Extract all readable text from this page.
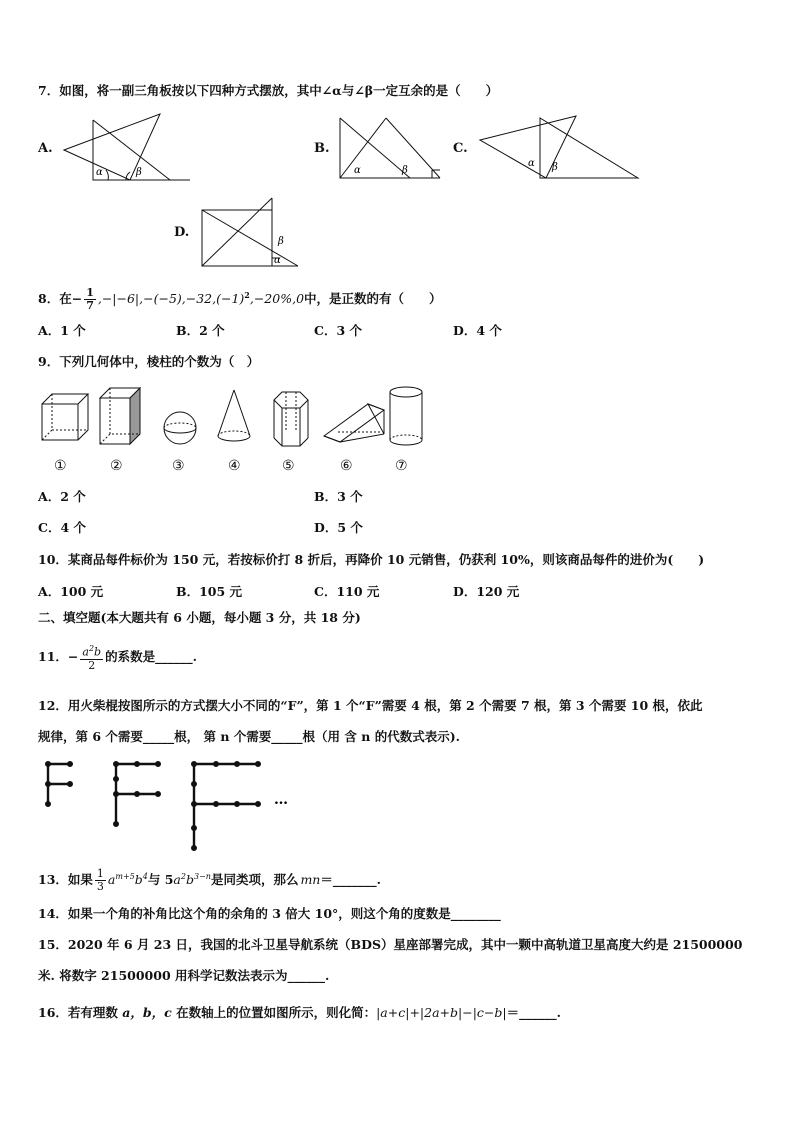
7．如图，将一副三角板按以下四种方式摆放，其中∠α与∠β一定互余的是（　　）
A.
α	β
B.
α	β
C.
α β
D.
β
α
8．在− $\frac{1}{7} ,-|-6|,-(-5),-32,(-1)^2,-20\%,0$中，是正数的有（　　）
A．1 个	B．2 个	C．3 个	D．4 个
9．下列几何体中，棱柱的个数为（　）
①	②	③	④	⑤	⑥	⑦
A．2 个	B．3 个
C．4 个	D．5 个
10．某商品每件标价为 150 元，若按标价打 8 折后，再降价 10 元销售，仍获利 10%，则该商品每件的进价为(　　)
A．100 元	B．105 元	C．110 元	D．120 元
二、填空题(本大题共有 6 小题，每小题 3 分，共 18 分)
11．− $\frac{a^2b}{2}$ 的系数是______.
12．用火柴棍按图所示的方式摆大小不同的“F”，第 1 个“F”需要 4 根，第 2 个需要 7 根，第 3 个需要 10 根，依此
规律，第 6 个需要_____根， 第 n 个需要_____根（用 含 n 的代数式表示).
…
13．如果 $\frac{1}{3} a^{m+5}b^4$与 $5a^2b^{3-n}$是同类项，那么 mn＝_______.
14．如果一个角的补角比这个角的余角的 3 倍大 10°，则这个角的度数是________
15．2020 年 6 月 23 日，我国的北斗卫星导航系统（BDS）星座部署完成，其中一颗中高轨道卫星高度大约是 21500000
米. 将数字 21500000 用科学记数法表示为______.
16．若有理数 a，b，c 在数轴上的位置如图所示，则化简：|a+c|+|2a+b|−|c−b|＝______.
